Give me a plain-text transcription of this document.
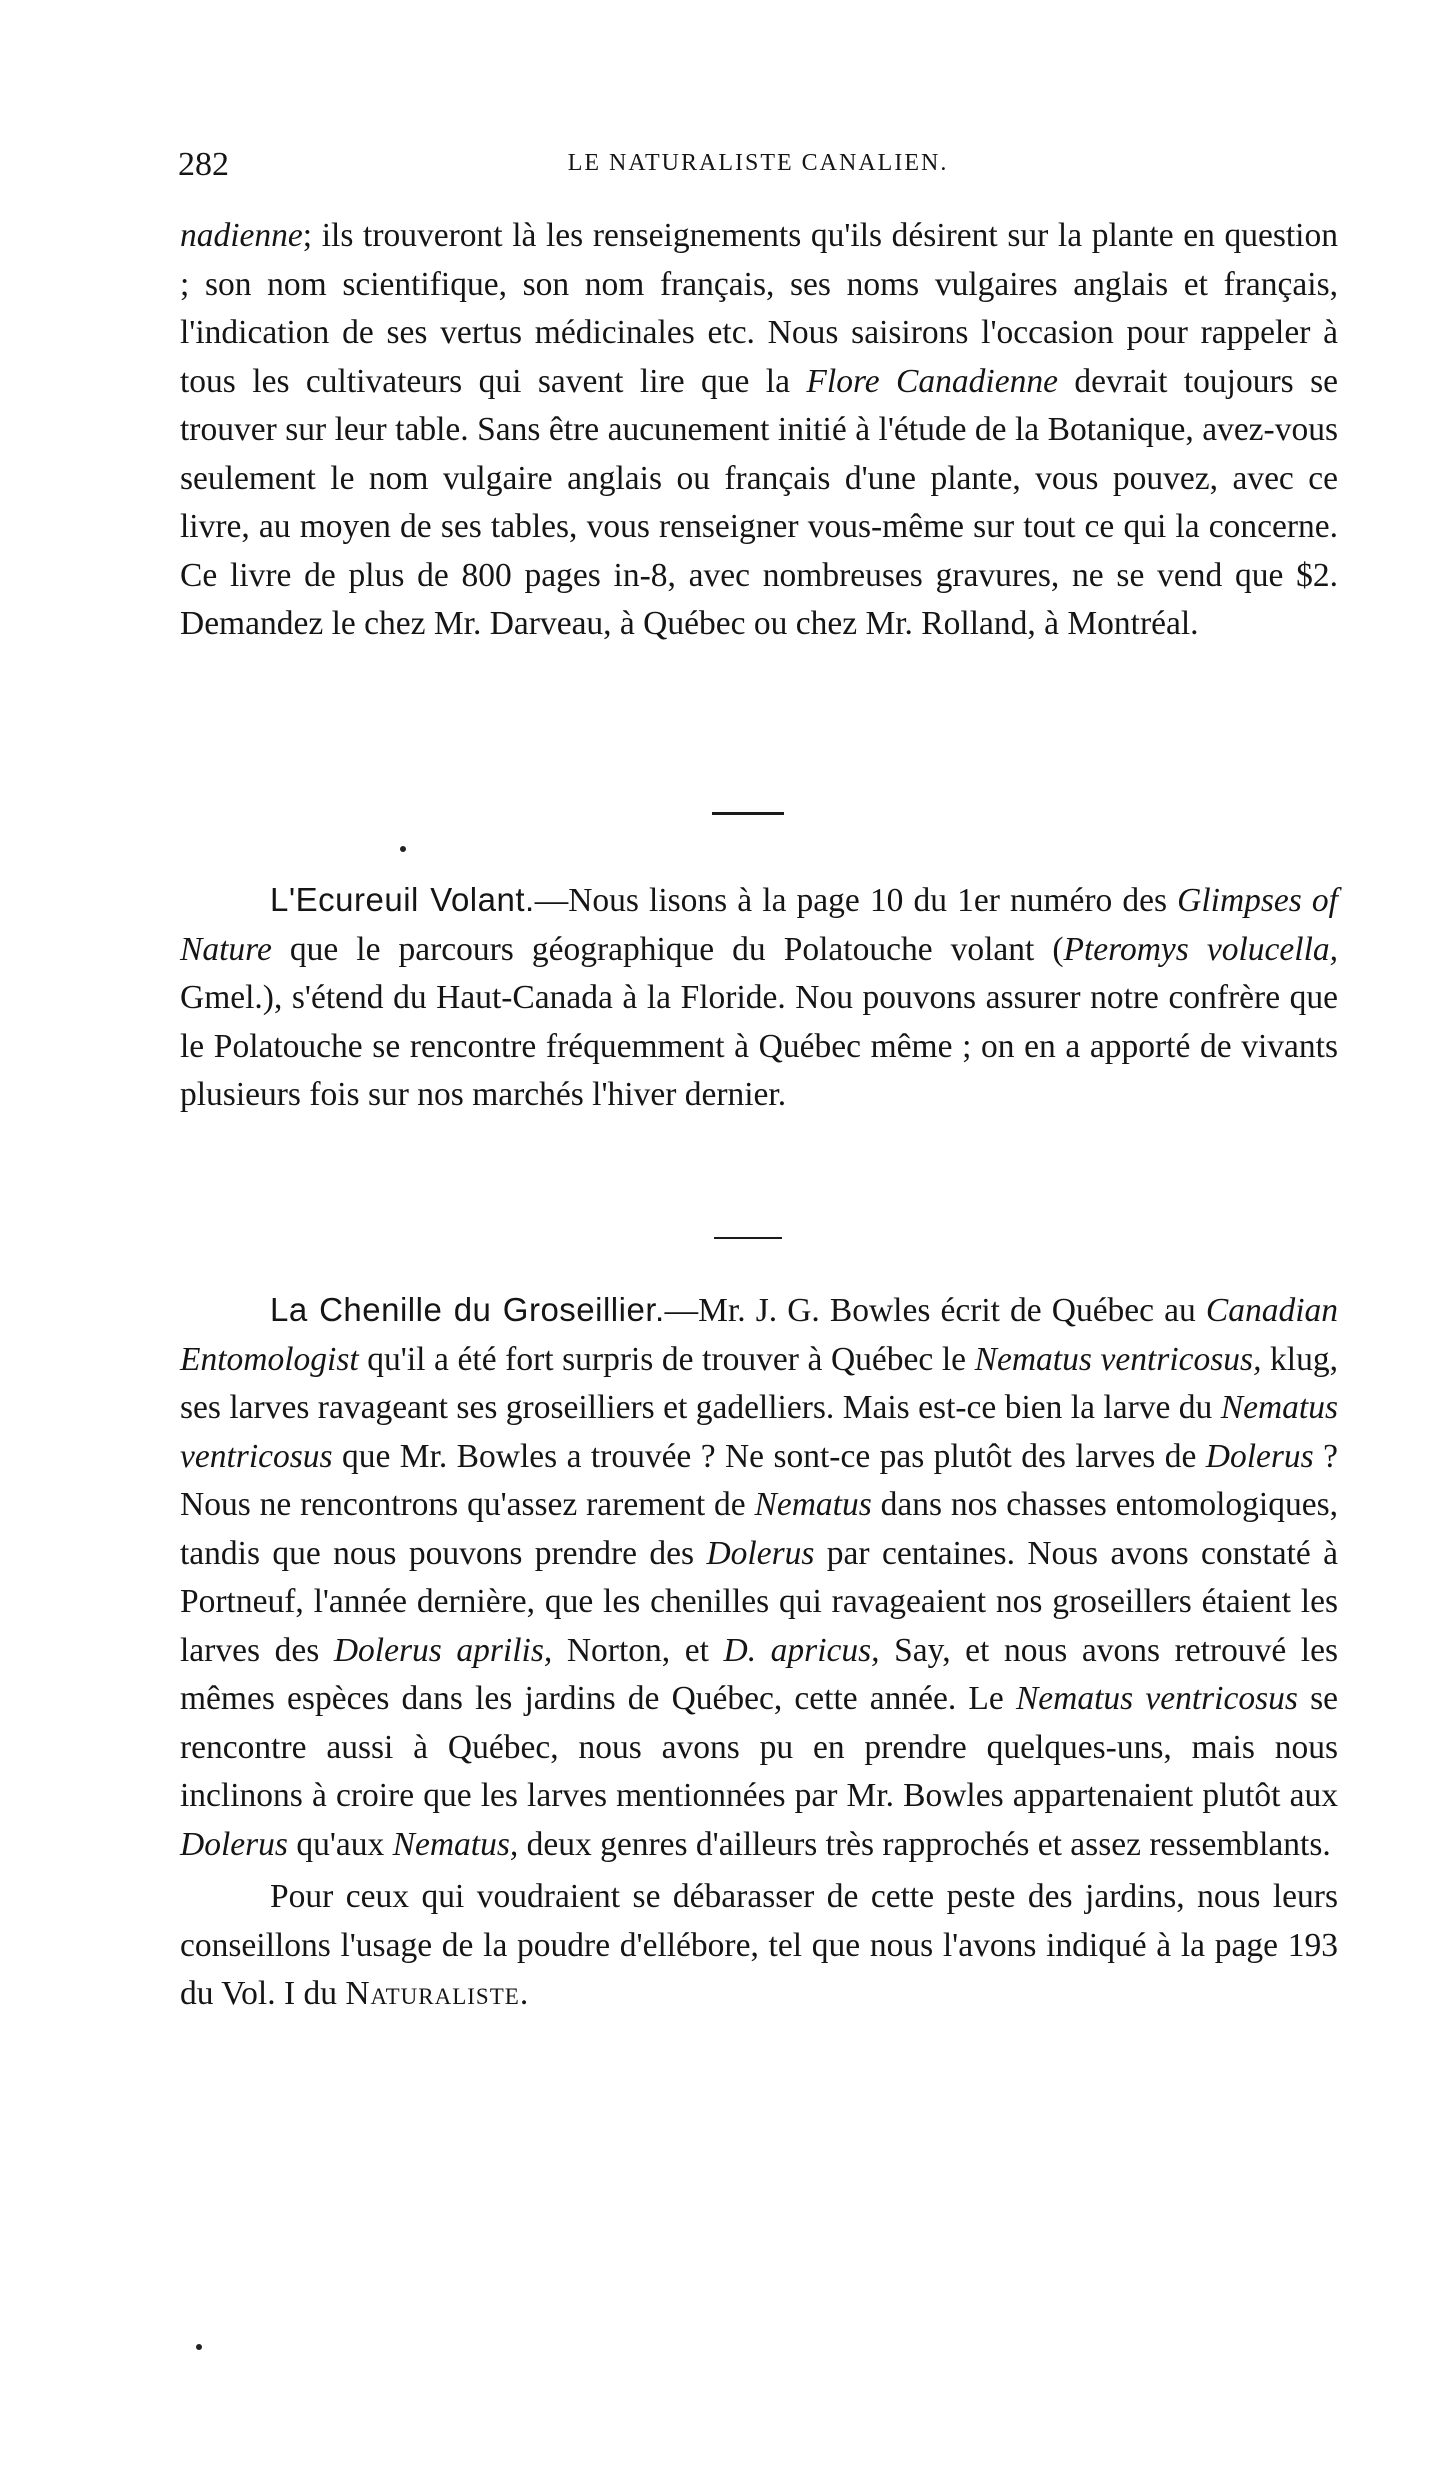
282	LE NATURALISTE CANALIEN.

nadienne; ils trouveront là les renseignements qu'ils désirent sur la plante en question ; son nom scientifique, son nom français, ses noms vulgaires anglais et français, l'indication de ses vertus médicinales etc. Nous saisirons l'occasion pour rappeler à tous les cultivateurs qui savent lire que la Flore Canadienne devrait toujours se trouver sur leur table. Sans être aucunement initié à l'étude de la Botanique, avez-vous seulement le nom vulgaire anglais ou français d'une plante, vous pouvez, avec ce livre, au moyen de ses tables, vous renseigner vous-même sur tout ce qui la concerne. Ce livre de plus de 800 pages in-8, avec nombreuses gravures, ne se vend que $2. Demandez le chez Mr. Darveau, à Québec ou chez Mr. Rolland, à Montréal.

L'Ecureuil Volant.—Nous lisons à la page 10 du 1er numéro des Glimpses of Nature que le parcours géographique du Polatouche volant (Pteromys volucella, Gmel.), s'étend du Haut-Canada à la Floride. Nou pouvons assurer notre confrère que le Polatouche se rencontre fréquemment à Québec même ; on en a apporté de vivants plusieurs fois sur nos marchés l'hiver dernier.

La Chenille du Groseillier.—Mr. J. G. Bowles écrit de Québec au Canadian Entomologist qu'il a été fort surpris de trouver à Québec le Nematus ventricosus, klug, ses larves ravageant ses groseilliers et gadelliers. Mais est-ce bien la larve du Nematus ventricosus que Mr. Bowles a trouvée ? Ne sont-ce pas plutôt des larves de Dolerus ? Nous ne rencontrons qu'assez rarement de Nematus dans nos chasses entomologiques, tandis que nous pouvons prendre des Dolerus par centaines. Nous avons constaté à Portneuf, l'année dernière, que les chenilles qui ravageaient nos groseillers étaient les larves des Dolerus aprilis, Norton, et D. apricus, Say, et nous avons retrouvé les mêmes espèces dans les jardins de Québec, cette année. Le Nematus ventricosus se rencontre aussi à Québec, nous avons pu en prendre quelques-uns, mais nous inclinons à croire que les larves mentionnées par Mr. Bowles appartenaient plutôt aux Dolerus qu'aux Nematus, deux genres d'ailleurs très rapprochés et assez ressemblants.

Pour ceux qui voudraient se débarasser de cette peste des jardins, nous leurs conseillons l'usage de la poudre d'ellébore, tel que nous l'avons indiqué à la page 193 du Vol. I du Naturaliste.
